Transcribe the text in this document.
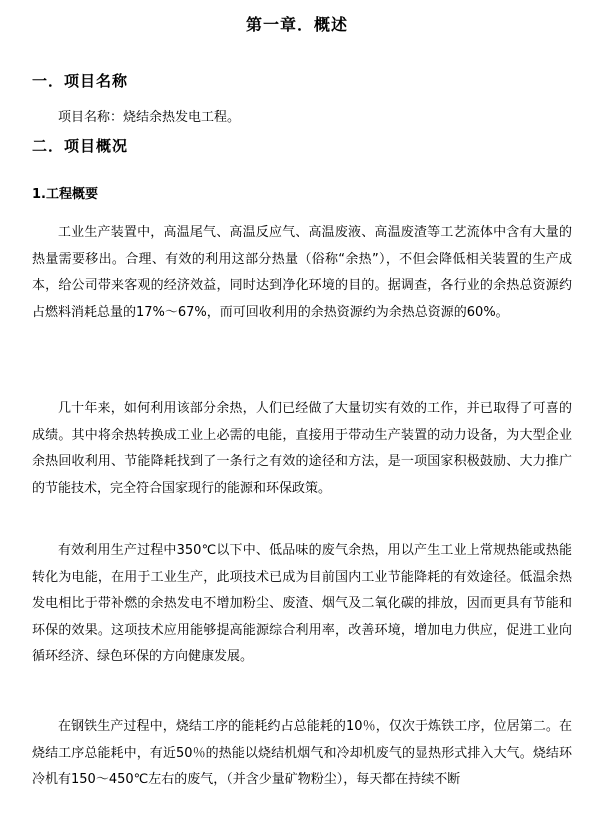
第一章．概述
一．项目名称
项目名称：烧结余热发电工程。
二．项目概况
1.工程概要

工业生产装置中，高温尾气、高温反应气、高温废液、高温废渣等工艺流体中含有大量的热量需要移出。合理、有效的利用这部分热量（俗称“余热”），不但会降低相关装置的生产成本，给公司带来客观的经济效益，同时达到净化环境的目的。据调查，各行业的余热总资源约占燃料消耗总量的17%～67%，而可回收利用的余热资源约为余热总资源的60%。

几十年来，如何利用该部分余热，人们已经做了大量切实有效的工作，并已取得了可喜的成绩。其中将余热转换成工业上必需的电能，直接用于带动生产装置的动力设备，为大型企业余热回收利用、节能降耗找到了一条行之有效的途径和方法，是一项国家积极鼓励、大力推广的节能技术，完全符合国家现行的能源和环保政策。

有效利用生产过程中350℃以下中、低品味的废气余热，用以产生工业上常规热能或热能转化为电能，在用于工业生产，此项技术已成为目前国内工业节能降耗的有效途径。低温余热发电相比于带补燃的余热发电不增加粉尘、废渣、烟气及二氧化碳的排放，因而更具有节能和环保的效果。这项技术应用能够提高能源综合利用率，改善环境，增加电力供应，促进工业向循环经济、绿色环保的方向健康发展。

在钢铁生产过程中，烧结工序的能耗约占总能耗的10％，仅次于炼铁工序，位居第二。在烧结工序总能耗中，有近50％的热能以烧结机烟气和冷却机废气的显热形式排入大气。烧结环冷机有150～450℃左右的废气，（并含少量矿物粉尘），每天都在持续不断
